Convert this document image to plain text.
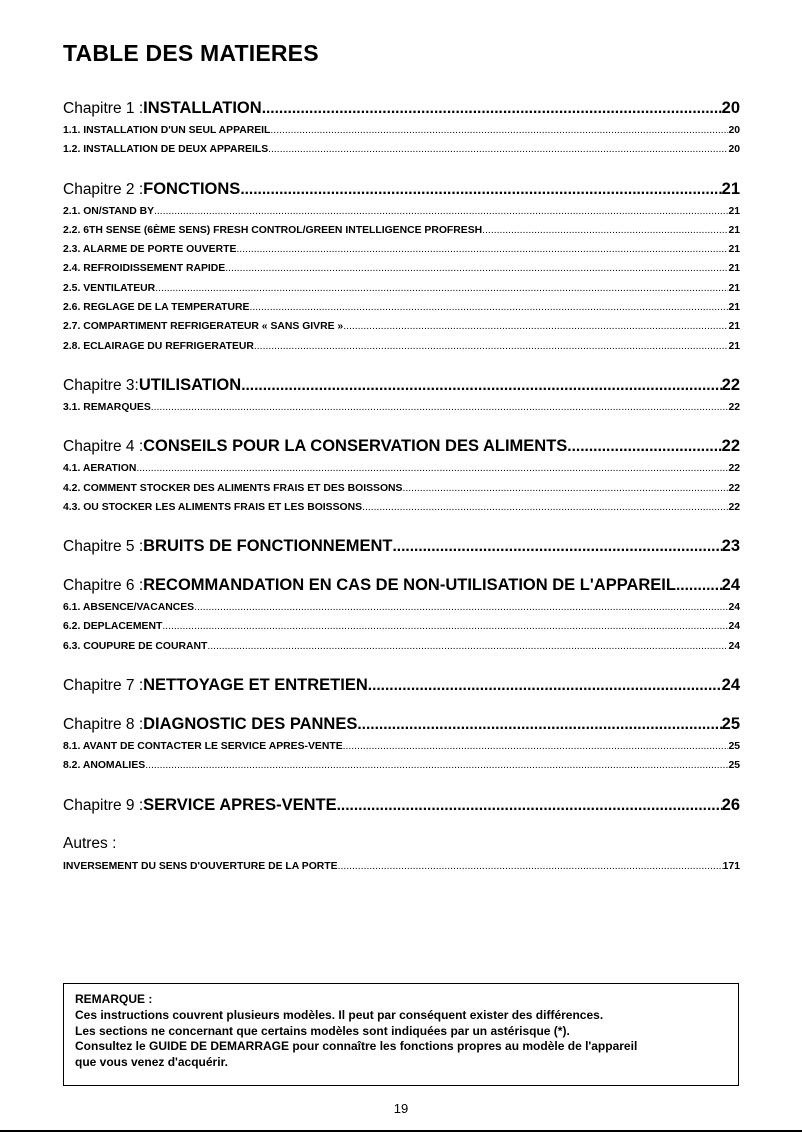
TABLE DES MATIERES
Chapitre 1 : INSTALLATION .....	20
1.1. INSTALLATION D'UN SEUL APPAREIL .....	20
1.2. INSTALLATION DE DEUX APPAREILS .....	20
Chapitre 2 : FONCTIONS .....	21
2.1. ON/STAND BY .....	21
2.2. 6TH SENSE (6ÈME SENS) FRESH CONTROL/GREEN INTELLIGENCE PROFRESH .....	21
2.3. ALARME DE PORTE OUVERTE .....	21
2.4. REFROIDISSEMENT RAPIDE .....	21
2.5. VENTILATEUR .....	21
2.6. REGLAGE DE LA TEMPERATURE .....	21
2.7. COMPARTIMENT REFRIGERATEUR « SANS GIVRE » .....	21
2.8. ECLAIRAGE DU REFRIGERATEUR .....	21
Chapitre 3: UTILISATION .....	22
3.1. REMARQUES .....	22
Chapitre 4 : CONSEILS POUR LA CONSERVATION DES ALIMENTS .....	22
4.1. AERATION .....	22
4.2. COMMENT STOCKER DES ALIMENTS FRAIS ET DES BOISSONS .....	22
4.3. OU STOCKER LES ALIMENTS FRAIS ET LES BOISSONS .....	22
Chapitre 5 : BRUITS DE FONCTIONNEMENT .....	23
Chapitre 6 : RECOMMANDATION EN CAS DE NON-UTILISATION DE L'APPAREIL .....	24
6.1. ABSENCE/VACANCES .....	24
6.2. DEPLACEMENT .....	24
6.3. COUPURE DE COURANT .....	24
Chapitre 7 : NETTOYAGE ET ENTRETIEN .....	24
Chapitre 8 : DIAGNOSTIC DES PANNES .....	25
8.1. AVANT DE CONTACTER LE SERVICE APRES-VENTE .....	25
8.2. ANOMALIES .....	25
Chapitre 9 : SERVICE APRES-VENTE .....	26
Autres :
INVERSEMENT DU SENS D'OUVERTURE DE LA PORTE .....	171
REMARQUE :
Ces instructions couvrent plusieurs modèles. Il peut par conséquent exister des différences.
Les sections ne concernant que certains modèles sont indiquées par un astérisque (*).
Consultez le GUIDE DE DEMARRAGE pour connaître les fonctions propres au modèle de l'appareil
que vous venez d'acquérir.
19
